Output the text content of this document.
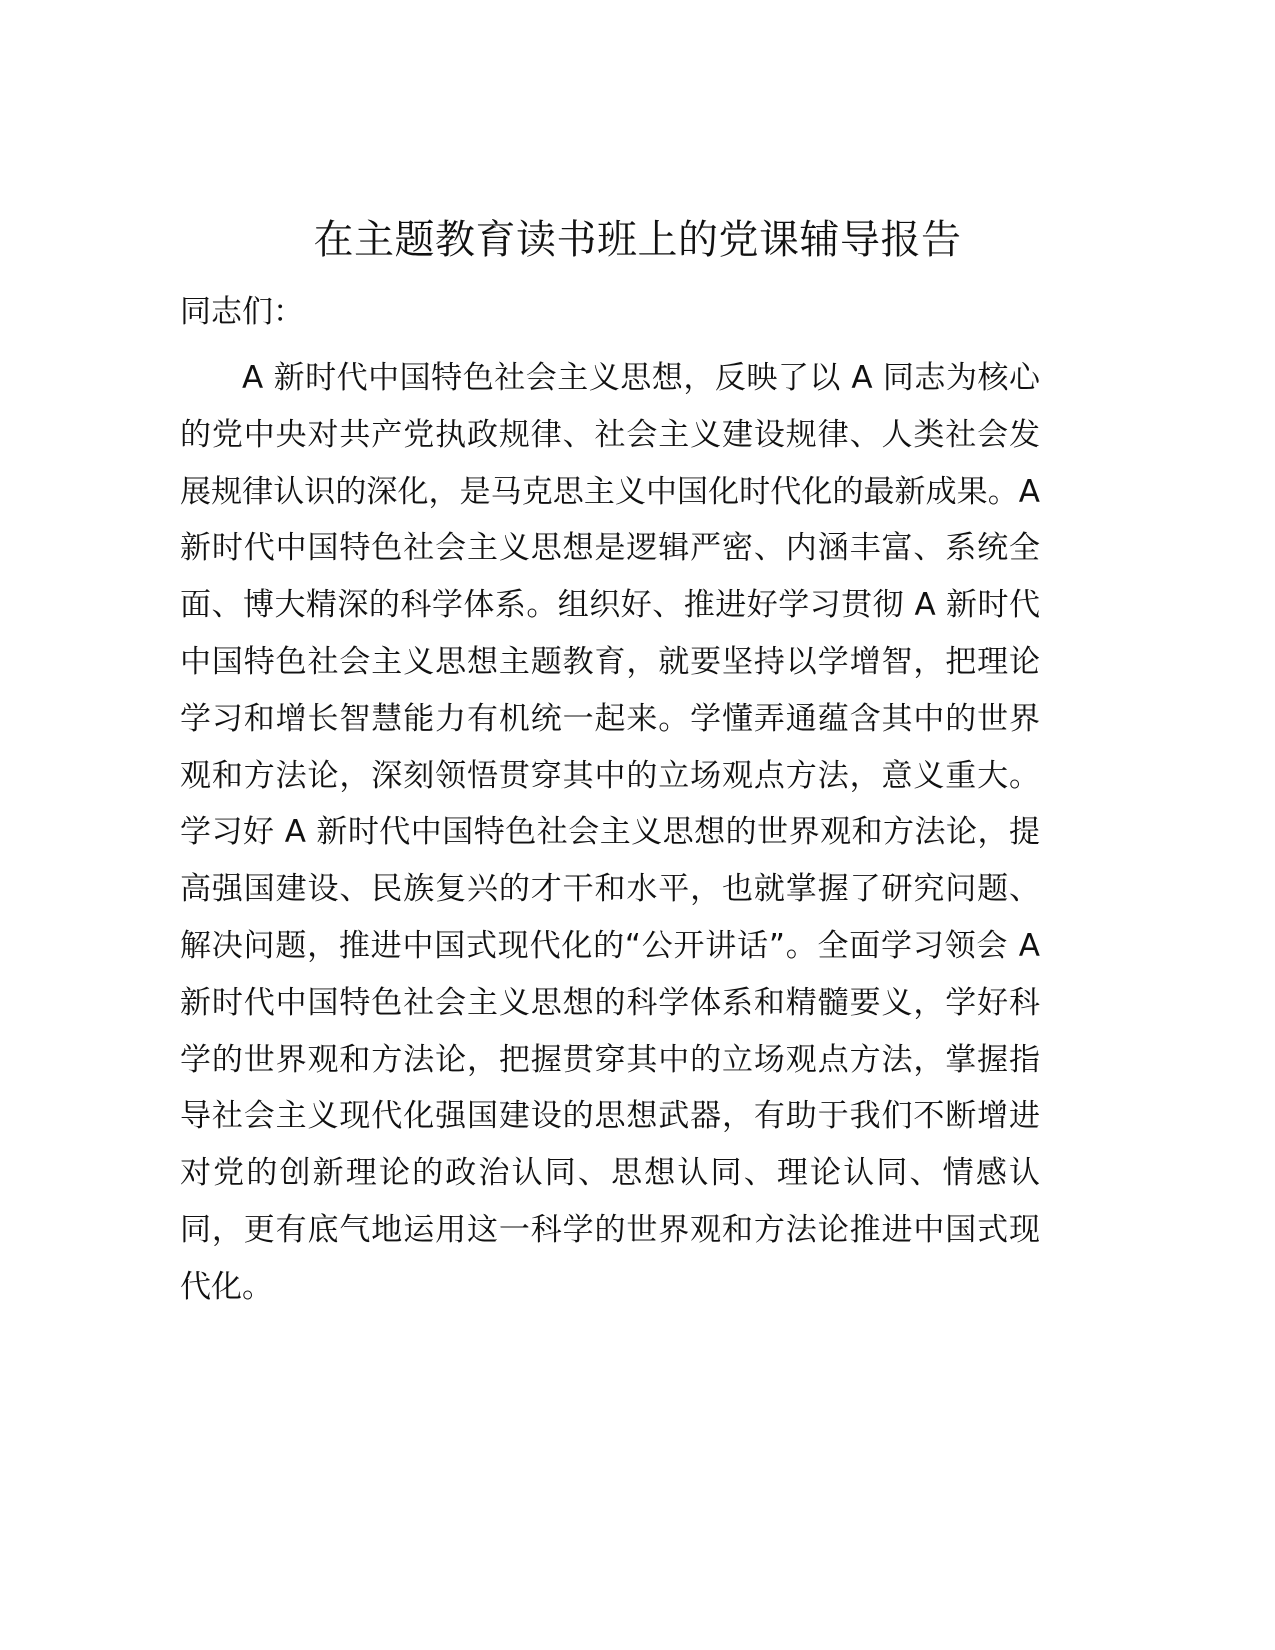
在主题教育读书班上的党课辅导报告

同志们：

A 新时代中国特色社会主义思想，反映了以 A 同志为核心的党中央对共产党执政规律、社会主义建设规律、人类社会发展规律认识的深化，是马克思主义中国化时代化的最新成果。A 新时代中国特色社会主义思想是逻辑严密、内涵丰富、系统全面、博大精深的科学体系。组织好、推进好学习贯彻 A 新时代中国特色社会主义思想主题教育，就要坚持以学增智，把理论学习和增长智慧能力有机统一起来。学懂弄通蕴含其中的世界观和方法论，深刻领悟贯穿其中的立场观点方法，意义重大。学习好 A 新时代中国特色社会主义思想的世界观和方法论，提高强国建设、民族复兴的才干和水平，也就掌握了研究问题、解决问题，推进中国式现代化的“公开讲话”。全面学习领会 A 新时代中国特色社会主义思想的科学体系和精髓要义，学好科学的世界观和方法论，把握贯穿其中的立场观点方法，掌握指导社会主义现代化强国建设的思想武器，有助于我们不断增进对党的创新理论的政治认同、思想认同、理论认同、情感认同，更有底气地运用这一科学的世界观和方法论推进中国式现代化。
